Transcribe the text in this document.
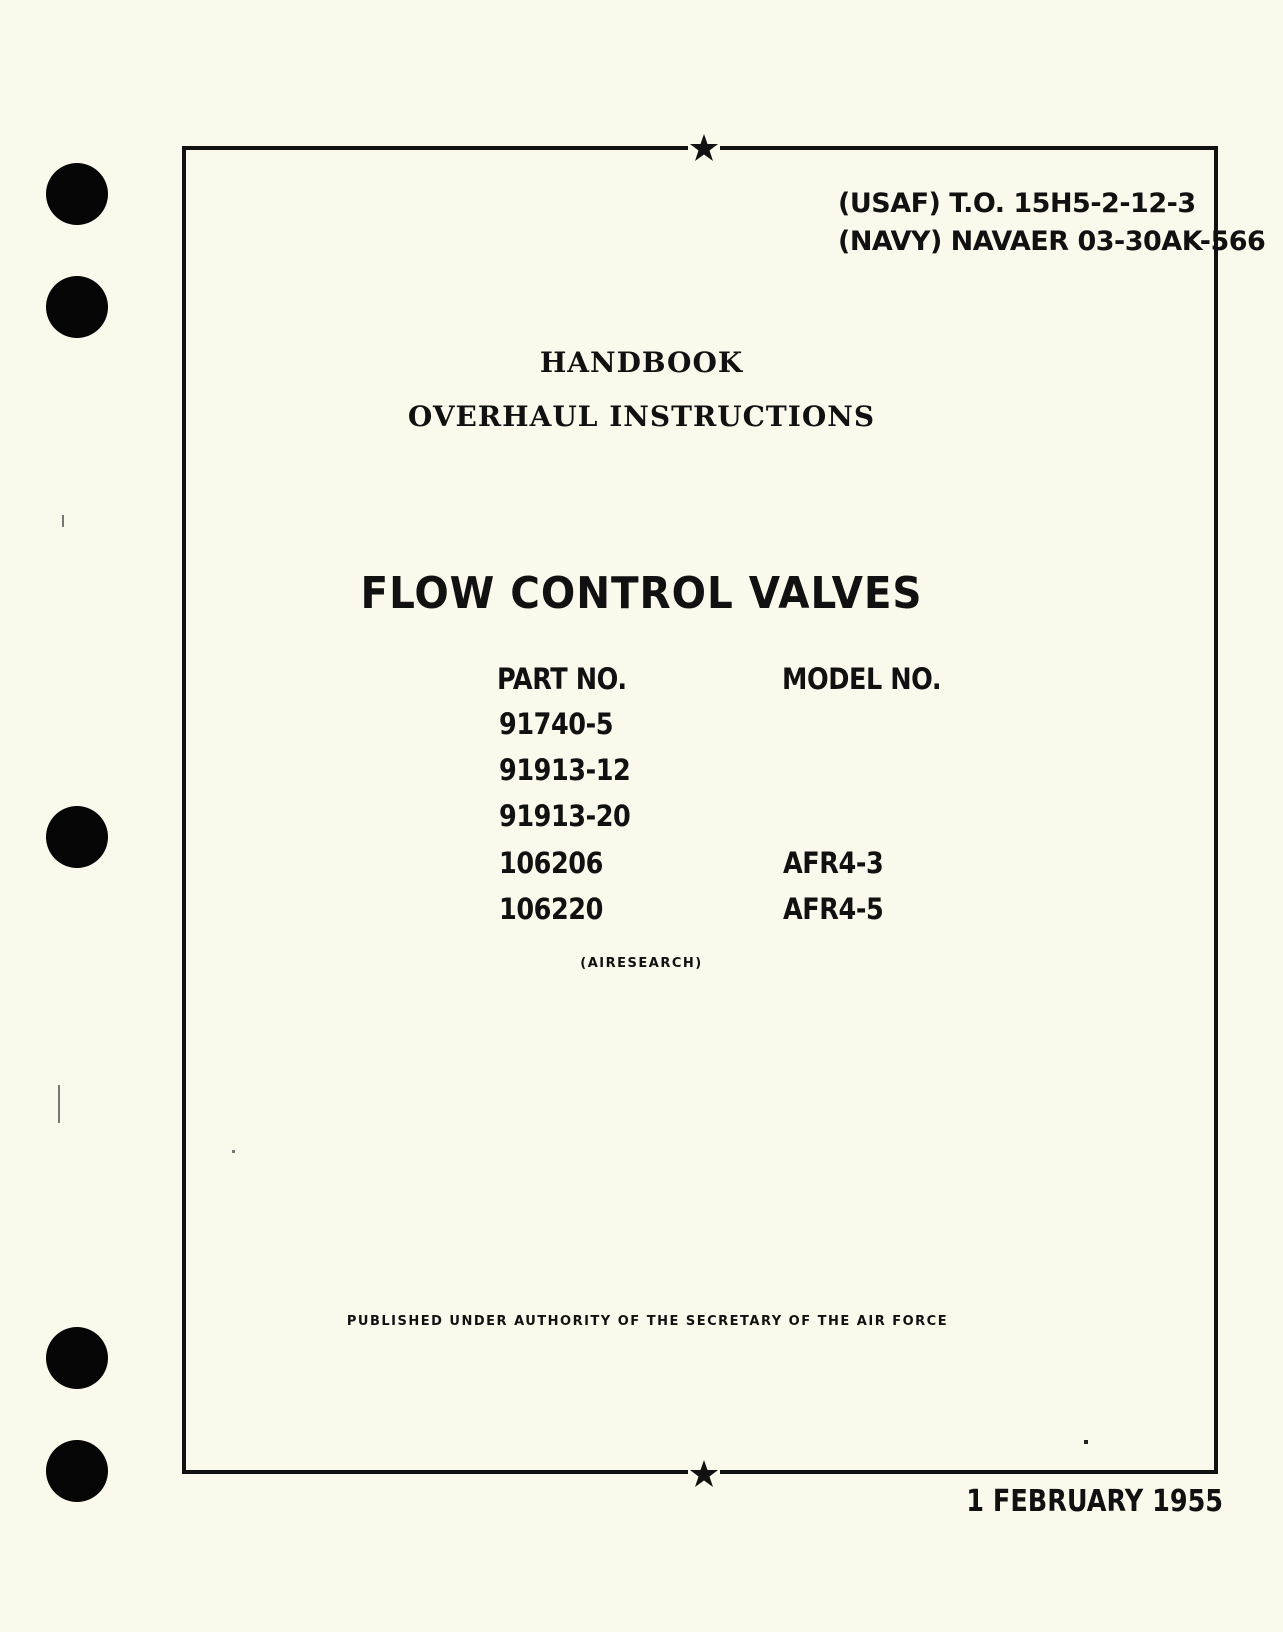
(USAF) T.O. 15H5-2-12-3
(NAVY) NAVAER 03-30AK-566
HANDBOOK
OVERHAUL INSTRUCTIONS
FLOW CONTROL VALVES
PART NO.	MODEL NO.
91740-5
91913-12
91913-20
106206	AFR4-3
106220	AFR4-5
(AIRESEARCH)
PUBLISHED UNDER AUTHORITY OF THE SECRETARY OF THE AIR FORCE
1 FEBRUARY 1955
